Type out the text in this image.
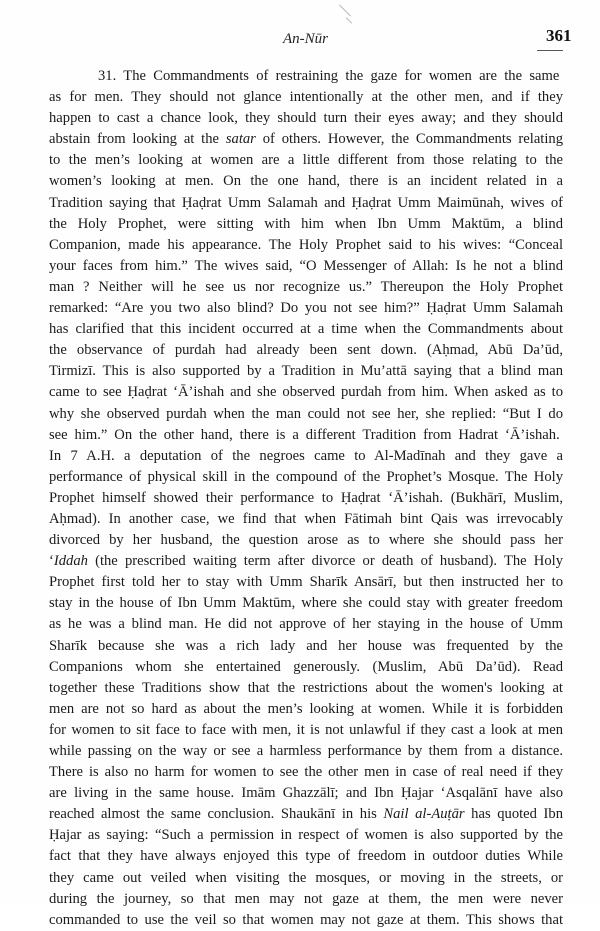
An-Nūr	361
31. The Commandments of restraining the gaze for women are the same
as for men. They should not glance intentionally at the other men, and if they
happen to cast a chance look, they should turn their eyes away; and they should
abstain from looking at the satar of others. However, the Commandments relating
to the men’s looking at women are a little different from those relating to the
women’s looking at men. On the one hand, there is an incident related in a
Tradition saying that Ḥaḍrat Umm Salamah and Ḥaḍrat Umm Maimūnah, wives of
the Holy Prophet, were sitting with him when Ibn Umm Maktūm, a blind
Companion, made his appearance. The Holy Prophet said to his wives: “Conceal
your faces from him.” The wives said, “O Messenger of Allah: Is he not a blind
man ? Neither will he see us nor recognize us.” Thereupon the Holy Prophet
remarked: “Are you two also blind? Do you not see him?” Ḥaḍrat Umm Salamah
has clarified that this incident occurred at a time when the Commandments about
the observance of purdah had already been sent down. (Aḥmad, Abū Da’ūd,
Tirmizī. This is also supported by a Tradition in Mu’attā saying that a blind man
came to see Ḥaḍrat ‘Ā’ishah and she observed purdah from him. When asked as to
why she observed purdah when the man could not see her, she replied: “But I do
see him.” On the other hand, there is a different Tradition from Hadrat ‘Ā’ishah.
In 7 A.H. a deputation of the negroes came to Al-Madīnah and they gave a
performance of physical skill in the compound of the Prophet’s Mosque. The Holy
Prophet himself showed their performance to Ḥaḍrat ‘Ā’ishah. (Bukhārī, Muslim,
Aḥmad). In another case, we find that when Fātimah bint Qais was irrevocably
divorced by her husband, the question arose as to where she should pass her
‘Iddah (the prescribed waiting term after divorce or death of husband). The Holy
Prophet first told her to stay with Umm Sharīk Ansārī, but then instructed her to
stay in the house of Ibn Umm Maktūm, where she could stay with greater freedom
as he was a blind man. He did not approve of her staying in the house of Umm
Sharīk because she was a rich lady and her house was frequented by the
Companions whom she entertained generously. (Muslim, Abū Da’ūd). Read
together these Traditions show that the restrictions about the women's looking at
men are not so hard as about the men’s looking at women. While it is forbidden
for women to sit face to face with men, it is not unlawful if they cast a look at men
while passing on the way or see a harmless performance by them from a distance.
There is also no harm for women to see the other men in case of real need if they
are living in the same house. Imām Ghazzālī; and Ibn Ḥajar ‘Asqalānī have also
reached almost the same conclusion. Shaukānī in his Nail al-Auṭār has quoted Ibn
Ḥajar as saying: “Such a permission in respect of women is also supported by the
fact that they have always enjoyed this type of freedom in outdoor duties While
they came out veiled when visiting the mosques, or moving in the streets, or
during the journey, so that men may not gaze at them, the men were never
commanded to use the veil so that women may not gaze at them. This shows that
